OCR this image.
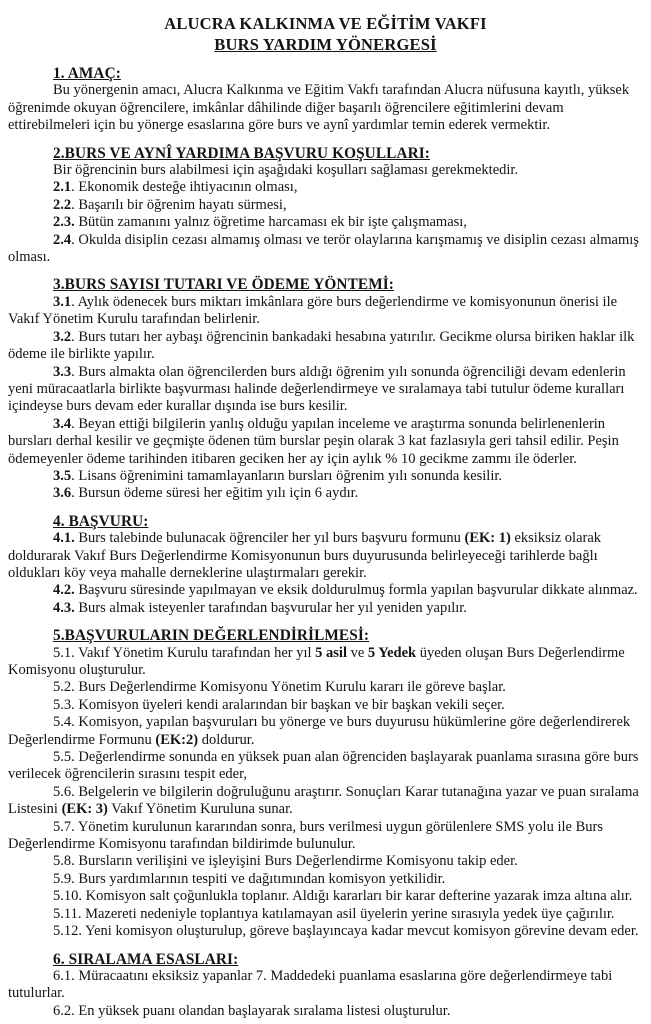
ALUCRA KALKINMA VE EĞİTİM VAKFI
BURS YARDIM YÖNERGESİ
1. AMAÇ:

Bu yönergenin amacı, Alucra Kalkınma ve Eğitim Vakfı tarafından Alucra nüfusuna kayıtlı, yüksek öğrenimde okuyan öğrencilere, imkânlar dâhilinde diğer başarılı öğrencilere eğitimlerini devam ettirebilmeleri için bu yönerge esaslarına göre burs ve aynî yardımlar temin ederek vermektir.

2.BURS VE AYNÎ YARDIMA BAŞVURU KOŞULLARI:

Bir öğrencinin burs alabilmesi için aşağıdaki koşulları sağlaması gerekmektedir.

2.1. Ekonomik desteğe ihtiyacının olması,

2.2. Başarılı bir öğrenim hayatı sürmesi,

2.3. Bütün zamanını yalnız öğretime harcaması ek bir işte çalışmaması,

2.4. Okulda disiplin cezası almamış olması ve terör olaylarına karışmamış ve disiplin cezası almamış olması.

3.BURS SAYISI TUTARI VE ÖDEME YÖNTEMİ:

3.1. Aylık ödenecek burs miktarı imkânlara göre burs değerlendirme ve komisyonunun önerisi ile Vakıf Yönetim Kurulu tarafından belirlenir.

3.2. Burs tutarı her aybaşı öğrencinin bankadaki hesabına yatırılır. Gecikme olursa biriken haklar ilk ödeme ile birlikte yapılır.

3.3. Burs almakta olan öğrencilerden burs aldığı öğrenim yılı sonunda öğrenciliği devam edenlerin yeni müracaatlarla birlikte başvurması halinde değerlendirmeye ve sıralamaya tabi tutulur ödeme kuralları içindeyse burs devam eder kurallar dışında ise burs kesilir.

3.4. Beyan ettiği bilgilerin yanlış olduğu yapılan inceleme ve araştırma sonunda belirlenenlerin bursları derhal kesilir ve geçmişte ödenen tüm burslar peşin olarak 3 kat fazlasıyla geri tahsil edilir. Peşin ödemeyenler ödeme tarihinden itibaren geciken her ay için aylık % 10 gecikme zammı ile öderler.

3.5. Lisans öğrenimini tamamlayanların bursları öğrenim yılı sonunda kesilir.

3.6. Bursun ödeme süresi her eğitim yılı için 6 aydır.

4. BAŞVURU:

4.1. Burs talebinde bulunacak öğrenciler her yıl burs başvuru formunu (EK: 1) eksiksiz olarak doldurarak Vakıf Burs Değerlendirme Komisyonunun burs duyurusunda belirleyeceği tarihlerde bağlı oldukları köy veya mahalle derneklerine ulaştırmaları gerekir.

4.2. Başvuru süresinde yapılmayan ve eksik doldurulmuş formla yapılan başvurular dikkate alınmaz.

4.3. Burs almak isteyenler tarafından başvurular her yıl yeniden yapılır.

5.BAŞVURULARIN DEĞERLENDİRİLMESİ:

5.1. Vakıf Yönetim Kurulu tarafından her yıl 5 asil ve 5 Yedek üyeden oluşan Burs Değerlendirme Komisyonu oluşturulur.

5.2. Burs Değerlendirme Komisyonu Yönetim Kurulu kararı ile göreve başlar.

5.3. Komisyon üyeleri kendi aralarından bir başkan ve bir başkan vekili seçer.

5.4. Komisyon, yapılan başvuruları bu yönerge ve burs duyurusu hükümlerine göre değerlendirerek Değerlendirme Formunu (EK:2) doldurur.

5.5. Değerlendirme sonunda en yüksek puan alan öğrenciden başlayarak puanlama sırasına göre burs verilecek öğrencilerin sırasını tespit eder,

5.6. Belgelerin ve bilgilerin doğruluğunu araştırır. Sonuçları Karar tutanağına yazar ve puan sıralama Listesini (EK: 3) Vakıf Yönetim Kuruluna sunar.

5.7. Yönetim kurulunun kararından sonra, burs verilmesi uygun görülenlere SMS yolu ile Burs Değerlendirme Komisyonu tarafından bildirimde bulunulur.

5.8. Bursların verilişini ve işleyişini Burs Değerlendirme Komisyonu takip eder.

5.9. Burs yardımlarının tespiti ve dağıtımından komisyon yetkilidir.

5.10. Komisyon salt çoğunlukla toplanır. Aldığı kararları bir karar defterine yazarak imza altına alır.

5.11. Mazereti nedeniyle toplantıya katılamayan asil üyelerin yerine sırasıyla yedek üye çağırılır.

5.12. Yeni komisyon oluşturulup, göreve başlayıncaya kadar mevcut komisyon görevine devam eder.

6. SIRALAMA ESASLARI:

6.1. Müracaatını eksiksiz yapanlar 7. Maddedeki puanlama esaslarına göre değerlendirmeye tabi tutulurlar.

6.2. En yüksek puanı olandan başlayarak sıralama listesi oluşturulur.
